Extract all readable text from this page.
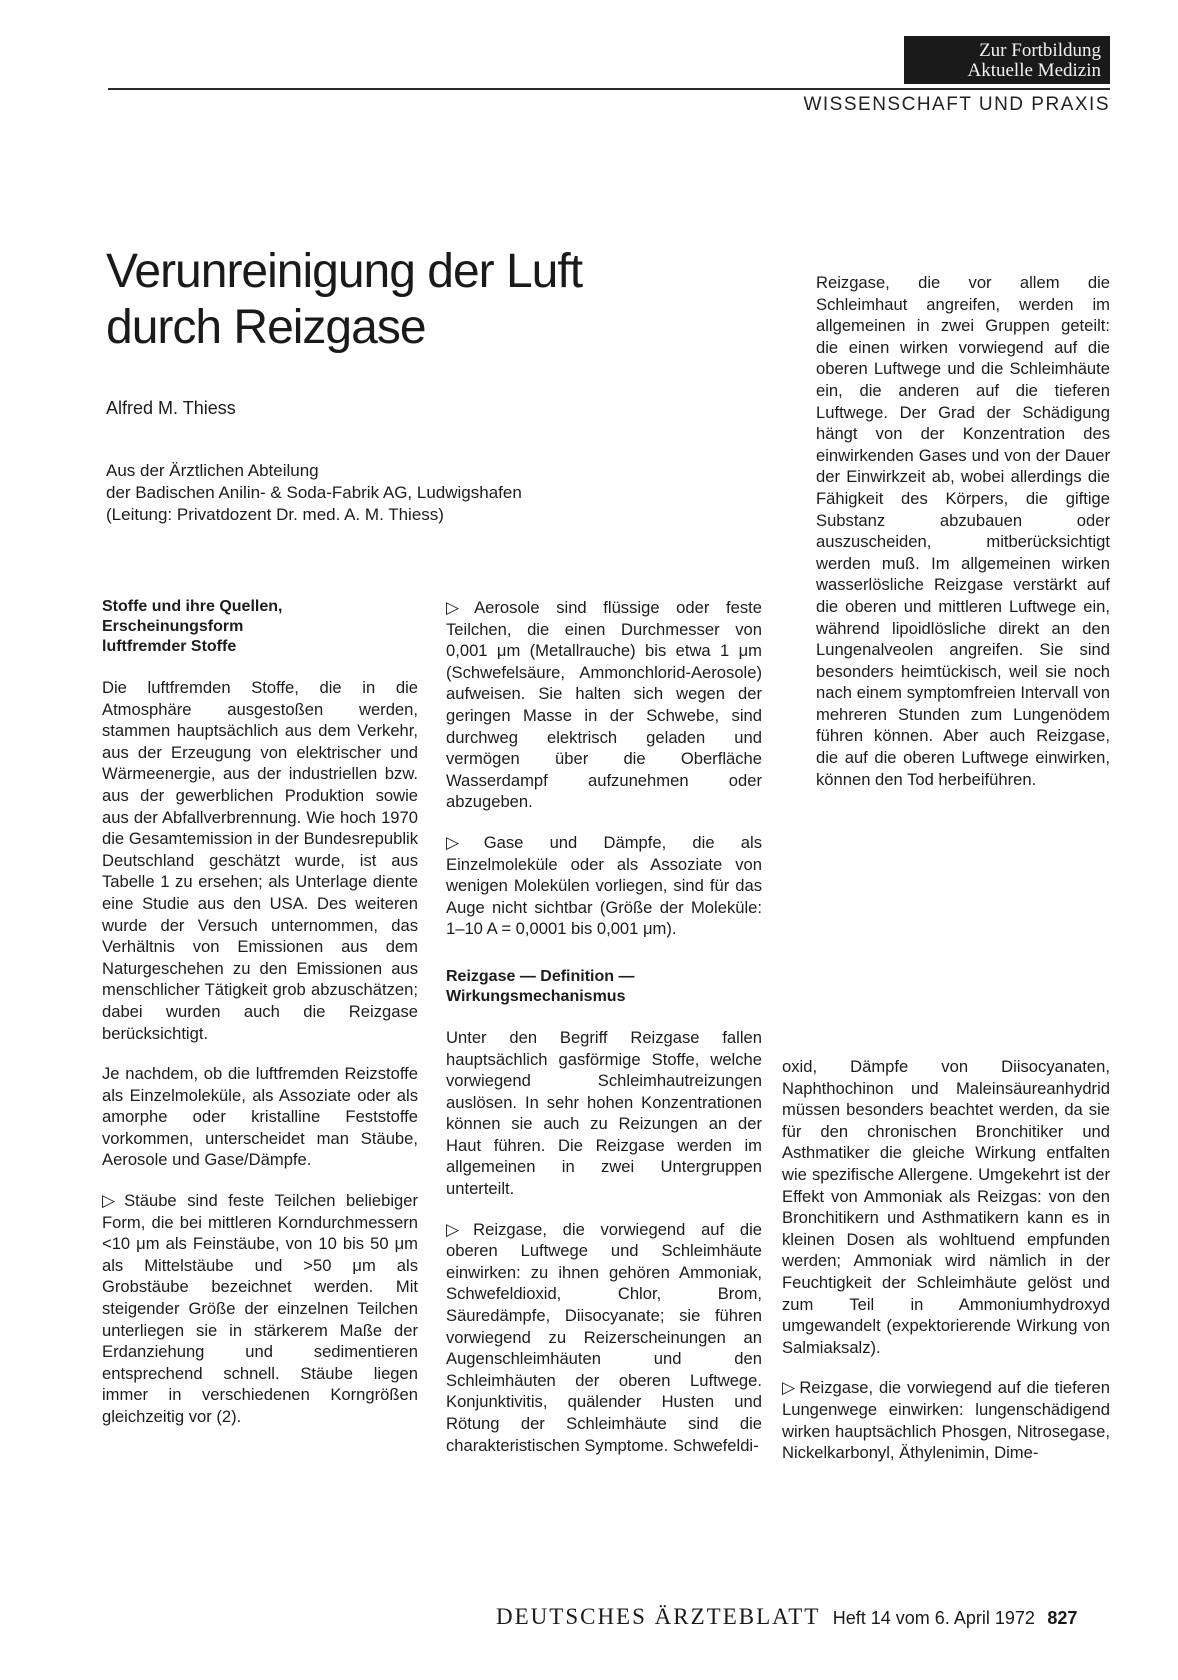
Zur Fortbildung
Aktuelle Medizin
WISSENSCHAFT UND PRAXIS
Verunreinigung der Luft
durch Reizgase
Alfred M. Thiess
Aus der Ärztlichen Abteilung
der Badischen Anilin- & Soda-Fabrik AG, Ludwigshafen
(Leitung: Privatdozent Dr. med. A. M. Thiess)
Stoffe und ihre Quellen,
Erscheinungsform
luftfremder Stoffe

Die luftfremden Stoffe, die in die Atmosphäre ausgestoßen werden, stammen hauptsächlich aus dem Verkehr, aus der Erzeugung von elektrischer und Wärmeenergie, aus der industriellen bzw. aus der gewerblichen Produktion sowie aus der Abfallverbrennung. Wie hoch 1970 die Gesamtemission in der Bundesrepublik Deutschland geschätzt wurde, ist aus Tabelle 1 zu ersehen; als Unterlage diente eine Studie aus den USA. Des weiteren wurde der Versuch unternommen, das Verhältnis von Emissionen aus dem Naturgeschehen zu den Emissionen aus menschlicher Tätigkeit grob abzuschätzen; dabei wurden auch die Reizgase berücksichtigt.

Je nachdem, ob die luftfremden Reizstoffe als Einzelmoleküle, als Assoziate oder als amorphe oder kristalline Feststoffe vorkommen, unterscheidet man Stäube, Aerosole und Gase/Dämpfe.

▷ Stäube sind feste Teilchen beliebiger Form, die bei mittleren Korndurchmessern <10 μm als Feinstäube, von 10 bis 50 μm als Mittelstäube und >50 μm als Grobstäube bezeichnet werden. Mit steigender Größe der einzelnen Teilchen unterliegen sie in stärkerem Maße der Erdanziehung und sedimentieren entsprechend schnell. Stäube liegen immer in verschiedenen Korngrößen gleichzeitig vor (2).

▷ Aerosole sind flüssige oder feste Teilchen, die einen Durchmesser von 0,001 μm (Metallrauche) bis etwa 1 μm (Schwefelsäure, Ammonchlorid-Aerosole) aufweisen. Sie halten sich wegen der geringen Masse in der Schwebe, sind durchweg elektrisch geladen und vermögen über die Oberfläche Wasserdampf aufzunehmen oder abzugeben.

▷ Gase und Dämpfe, die als Einzelmoleküle oder als Assoziate von wenigen Molekülen vorliegen, sind für das Auge nicht sichtbar (Größe der Moleküle: 1–10 A = 0,0001 bis 0,001 μm).

Reizgase — Definition —
Wirkungsmechanismus

Unter den Begriff Reizgase fallen hauptsächlich gasförmige Stoffe, welche vorwiegend Schleimhautreizungen auslösen. In sehr hohen Konzentrationen können sie auch zu Reizungen an der Haut führen. Die Reizgase werden im allgemeinen in zwei Untergruppen unterteilt.

▷ Reizgase, die vorwiegend auf die oberen Luftwege und Schleimhäute einwirken: zu ihnen gehören Ammoniak, Schwefeldioxid, Chlor, Brom, Säuredämpfe, Diisocyanate; sie führen vorwiegend zu Reizerscheinungen an Augenschleimhäuten und den Schleimhäuten der oberen Luftwege. Konjunktivitis, quälender Husten und Rötung der Schleimhäute sind die charakteristischen Symptome. Schwefeldi-

Reizgase, die vor allem die Schleimhaut angreifen, werden im allgemeinen in zwei Gruppen geteilt: die einen wirken vorwiegend auf die oberen Luftwege und die Schleimhäute ein, die anderen auf die tieferen Luftwege. Der Grad der Schädigung hängt von der Konzentration des einwirkenden Gases und von der Dauer der Einwirkzeit ab, wobei allerdings die Fähigkeit des Körpers, die giftige Substanz abzubauen oder auszuscheiden, mitberücksichtigt werden muß. Im allgemeinen wirken wasserlösliche Reizgase verstärkt auf die oberen und mittleren Luftwege ein, während lipoidlösliche direkt an den Lungenalveolen angreifen. Sie sind besonders heimtückisch, weil sie noch nach einem symptomfreien Intervall von mehreren Stunden zum Lungenödem führen können. Aber auch Reizgase, die auf die oberen Luftwege einwirken, können den Tod herbeiführen.

oxid, Dämpfe von Diisocyanaten, Naphthochinon und Maleinsäureanhydrid müssen besonders beachtet werden, da sie für den chronischen Bronchitiker und Asthmatiker die gleiche Wirkung entfalten wie spezifische Allergene. Umgekehrt ist der Effekt von Ammoniak als Reizgas: von den Bronchitikern und Asthmatikern kann es in kleinen Dosen als wohltuend empfunden werden; Ammoniak wird nämlich in der Feuchtigkeit der Schleimhäute gelöst und zum Teil in Ammoniumhydroxyd umgewandelt (expektorierende Wirkung von Salmiaksalz).

▷ Reizgase, die vorwiegend auf die tieferen Lungenwege einwirken: lungenschädigend wirken hauptsächlich Phosgen, Nitrosegase, Nickelkarbonyl, Äthylenimin, Dime-

DEUTSCHES ÄRZTEBLATT Heft 14 vom 6. April 1972 827
